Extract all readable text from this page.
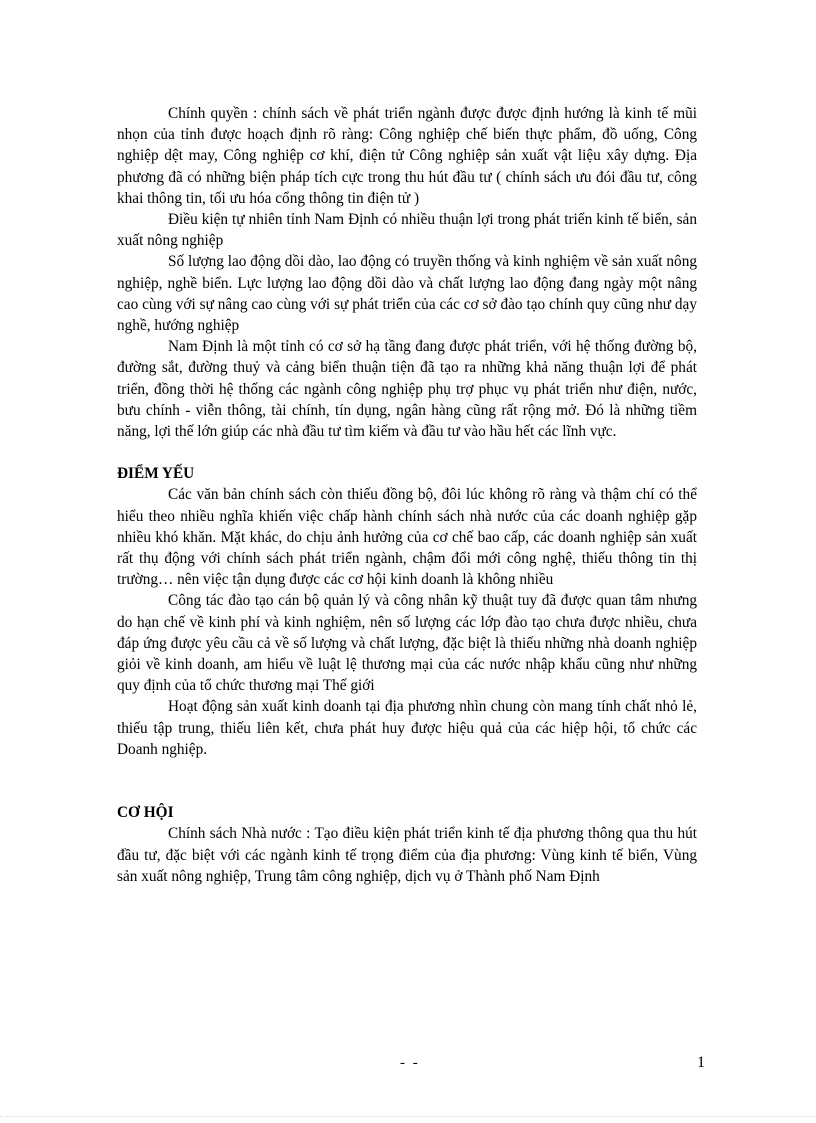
Chính quyền : chính sách về phát triển ngành được được định hướng là kinh tế mũi nhọn của tỉnh được hoạch định rõ ràng: Công nghiệp chế biến thực phẩm, đồ uống, Công nghiệp dệt may, Công nghiệp cơ khí, điện tử Công nghiệp sản xuất vật liệu xây dựng. Địa phương đã có những biện pháp tích cực trong thu hút đầu tư ( chính sách ưu đói đầu tư, công khai thông tin, tối ưu hóa cổng thông tin điện tử )

Điều kiện tự nhiên tỉnh Nam Định có nhiều thuận lợi trong phát triển kinh tế biển, sản xuất nông nghiệp

Số lượng lao động dồi dào, lao động có truyền thống và kinh nghiệm về sản xuất nông nghiệp, nghề biển. Lực lượng lao động dồi dào và chất lượng lao động đang ngày một nâng cao cùng với sự nâng cao cùng với sự phát triển của các cơ sở đào tạo chính quy cũng như dạy nghề, hướng nghiệp

Nam Định là một tỉnh có cơ sở hạ tầng đang được phát triển, với hệ thống đường bộ, đường sắt, đường thuỷ và cảng biển thuận tiện đã tạo ra những khả năng thuận lợi để phát triển, đồng thời hệ thống các ngành công nghiệp phụ trợ phục vụ phát triển như điện, nước, bưu chính - viễn thông, tài chính, tín dụng, ngân hàng cũng rất rộng mở. Đó là những tiềm năng, lợi thế lớn giúp các nhà đầu tư tìm kiếm và đầu tư vào hầu hết các lĩnh vực.

ĐIỂM YẾU

Các văn bản chính sách còn thiếu đồng bộ, đôi lúc không rõ ràng và thậm chí có thể hiểu theo nhiều nghĩa khiến việc chấp hành chính sách nhà nước của các doanh nghiệp gặp nhiều khó khăn. Mặt khác, do chịu ảnh hưởng của cơ chế bao cấp, các doanh nghiệp sản xuất rất thụ động với chính sách phát triển ngành, chậm đổi mới công nghệ, thiếu thông tin thị trường… nên việc tận dụng được các cơ hội kinh doanh là không nhiều

Công tác đào tạo cán bộ quản lý và công nhân kỹ thuật tuy đã được quan tâm nhưng do hạn chế về kinh phí và kinh nghiệm, nên số lượng các lớp đào tạo chưa được nhiều, chưa đáp ứng được yêu cầu cả về số lượng và chất lượng, đặc biệt là thiếu những nhà doanh nghiệp giỏi về kinh doanh, am hiểu về luật lệ thương mại của các nước nhập khẩu cũng như những quy định của tổ chức thương mại Thế giới

Hoạt động sản xuất kinh doanh tại địa phương nhìn chung còn mang tính chất nhỏ lẻ, thiếu tập trung, thiếu liên kết, chưa phát huy được hiệu quả của các hiệp hội, tổ chức các Doanh nghiệp.

CƠ HỘI

Chính sách Nhà nước : Tạo điều kiện phát triển kinh tế địa phương thông qua thu hút đầu tư, đặc biệt với các ngành kinh tế trọng điểm của địa phương: Vùng kinh tế biển, Vùng sản xuất nông nghiệp, Trung tâm công nghiệp, dịch vụ ở Thành phố Nam Định

- -	1
